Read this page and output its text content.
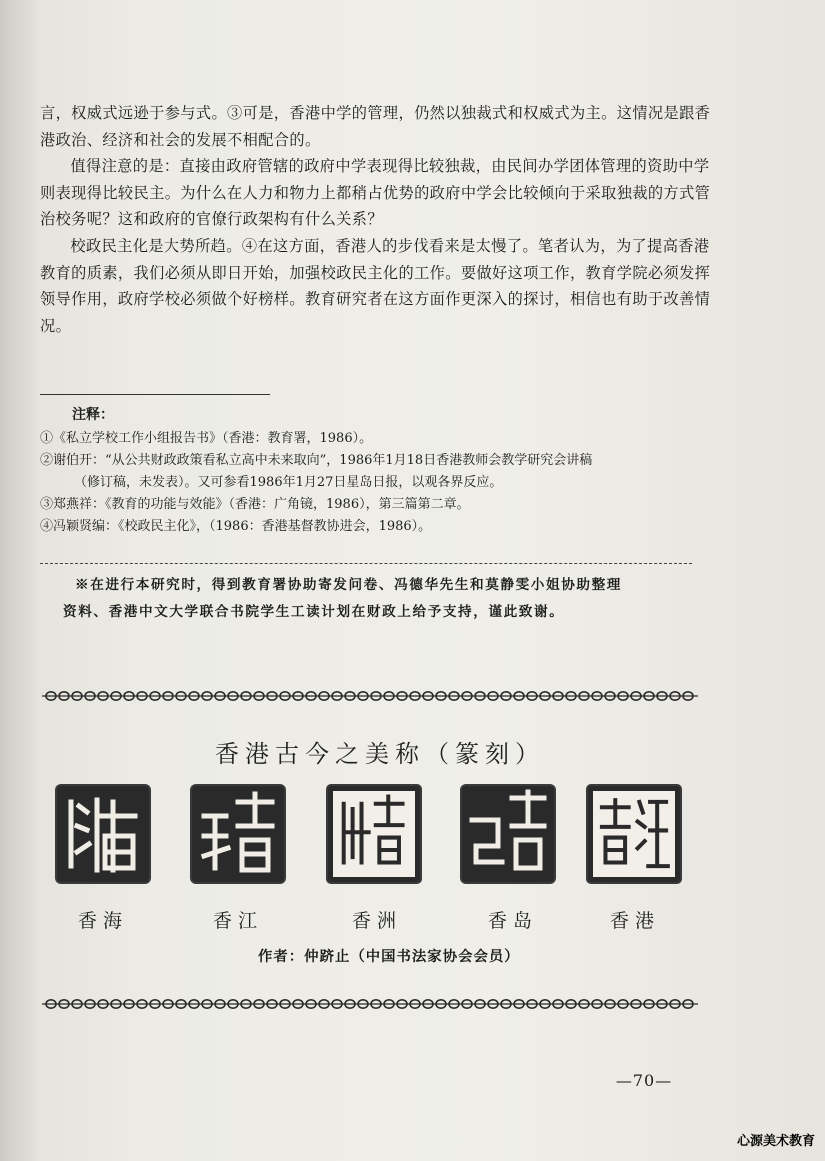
言，权威式远逊于参与式。③可是，香港中学的管理，仍然以独裁式和权威式为主。这情况是跟香港政治、经济和社会的发展不相配合的。

值得注意的是：直接由政府管辖的政府中学表现得比较独裁，由民间办学团体管理的资助中学则表现得比较民主。为什么在人力和物力上都稍占优势的政府中学会比较倾向于采取独裁的方式管治校务呢？这和政府的官僚行政架构有什么关系？

校政民主化是大势所趋。④在这方面，香港人的步伐看来是太慢了。笔者认为，为了提高香港教育的质素，我们必须从即日开始，加强校政民主化的工作。要做好这项工作，教育学院必须发挥领导作用，政府学校必须做个好榜样。教育研究者在这方面作更深入的探讨，相信也有助于改善情况。

注释：

①《私立学校工作小组报告书》（香港：教育署，1986）。

②谢伯开：“从公共财政政策看私立高中未来取向”，1986年1月18日香港教师会教学研究会讲稿

（修订稿，未发表）。又可参看1986年1月27日星岛日报，以观各界反应。

③郑燕祥：《教育的功能与效能》（香港：广角镜，1986），第三篇第二章。

④冯颖贤编：《校政民主化》，（1986：香港基督教协进会，1986）。

※在进行本研究时，得到教育署协助寄发问卷、冯德华先生和莫静雯小姐协助整理

资料、香港中文大学联合书院学生工读计划在财政上给予支持，谨此致谢。

香港古今之美称（篆刻）
香海	香江	香洲	香岛	香港
作者：仲跻止（中国书法家协会会员）
—70—
心源美术教育
